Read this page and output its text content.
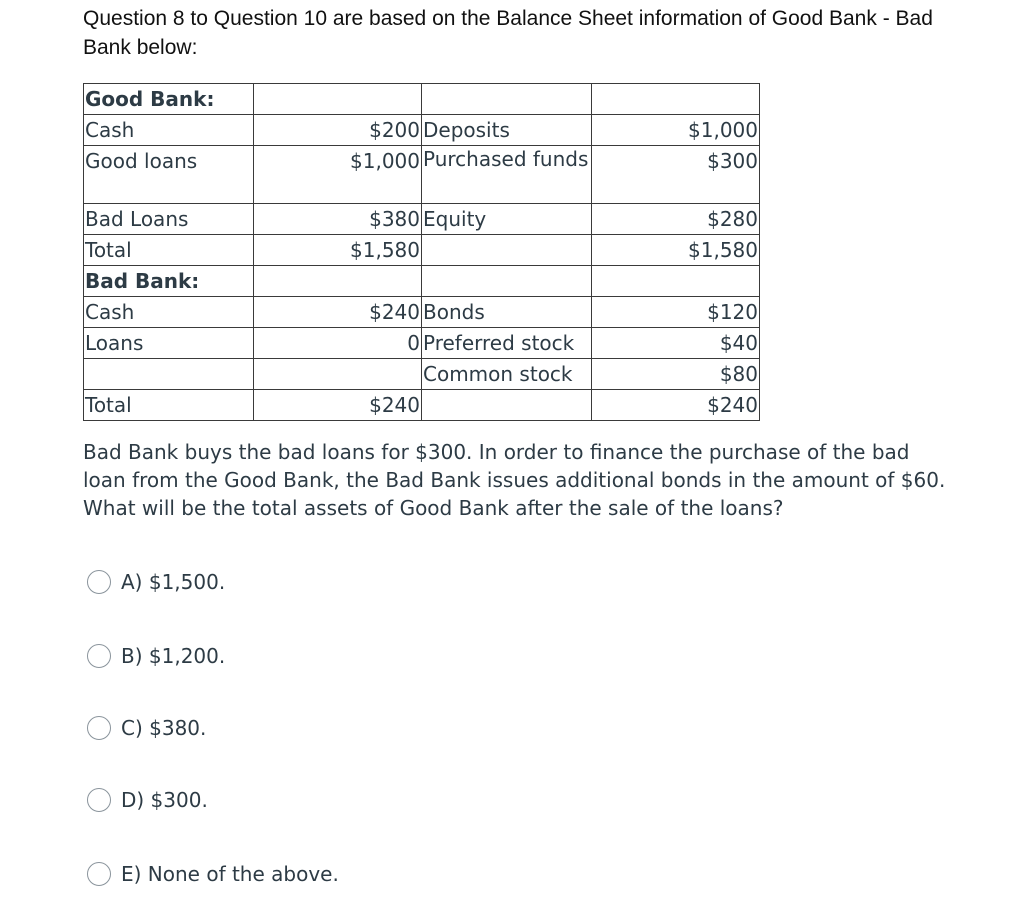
Question 8 to Question 10 are based on the Balance Sheet information of Good Bank - Bad Bank below:

Good Bank:			
Cash	$200	Deposits	$1,000
Good loans	$1,000	Purchased funds	$300
Bad Loans	$380	Equity	$280
Total	$1,580		$1,580
Bad Bank:			
Cash	$240	Bonds	$120
Loans	0	Preferred stock	$40
		Common stock	$80
Total	$240		$240

Bad Bank buys the bad loans for $300. In order to finance the purchase of the bad loan from the Good Bank, the Bad Bank issues additional bonds in the amount of $60. What will be the total assets of Good Bank after the sale of the loans?

A) $1,500.
B) $1,200.
C) $380.
D) $300.
E) None of the above.
